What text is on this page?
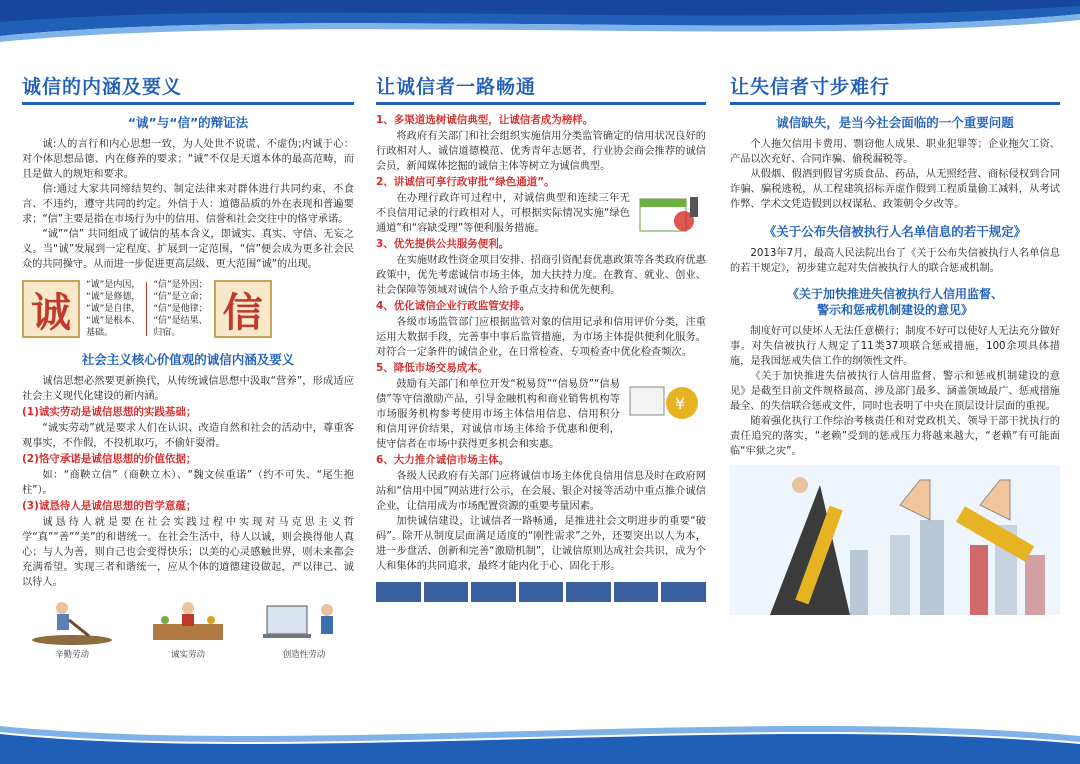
诚信的内涵及要义
“诚”与“信”的辩证法

诚:人的言行和内心思想一致，为人处世不说谎、不虚伪;内诚于心：对个体思想品德、内在修养的要求；“诚”不仅是天道本体的最高范畴，而且是做人的规矩和要求。

信:通过大家共同缔结契约、制定法律来对群体进行共同约束，不食言、不违约，遵守共同的约定。外信于人：道德品质的外在表现和普遍要求；“信”主要是指在市场行为中的信用、信誉和社会交往中的恪守承诺。

“诚”“信” 共同组成了诚信的基本含义，即诚实、真实、守信、无妄之义。当“诚”发展到一定程度、扩展到一定范围，“信”便会成为更多社会民众的共同操守。从而进一步促进更高层级、更大范围“诚”的出现。

诚
“诚”是内因，
“诚”是修德，
“诚”是自律，
“诚”是根本、
基础。
“信”是外因；
“信”是立命；
“信”是他律；
“信”是结果、
归宿。	信
社会主义核心价值观的诚信内涵及要义

诚信思想必然要更新换代，从传统诚信思想中汲取“营养”，形成适应社会主义现代化建设的新内涵。

(1)诚实劳动是诚信思想的实践基础；

“诚实劳动”就是要求人们在认识、改造自然和社会的活动中，尊重客观事实，不作假，不投机取巧，不偷奸耍滑。

(2)恪守承诺是诚信思想的价值依据；

如：“商鞅立信”（商鞅立木）、“魏文侯重诺”（约不可失、“尾生抱柱”）。

(3)诚恳待人是诚信思想的哲学意蕴；

诚恳待人就是要在社会实践过程中实现对马克思主义哲学“真”“善”“美”的和谐统一。在社会生活中，待人以诚，则会换得他人真心；与人为善，则自己也会变得快乐；以美的心灵感触世界，则未来都会充满希望。实现三者和谐统一，应从个体的道德建设做起，严以律己、诚以待人。

辛勤劳动	诚实劳动	创造性劳动
让诚信者一路畅通
1、多渠道选树诚信典型，让诚信者成为榜样。

将政府有关部门和社会组织实施信用分类监管确定的信用状况良好的行政相对人、诚信道德模范、优秀青年志愿者，行业协会商会推荐的诚信会员，新闻媒体挖掘的诚信主体等树立为诚信典型。

2、讲诚信可享行政审批“绿色通道”。

在办理行政许可过程中，对诚信典型和连续三年无不良信用记录的行政相对人，可根据实际情况实施“绿色通道”和“容缺受理”等便利服务措施。

3、优先提供公共服务便利。

在实施财政性资金项目安排、招商引资配套优惠政策等各类政府优惠政策中，优先考虑诚信市场主体，加大扶持力度。在教育、就业、创业、社会保障等领域对诚信个人给予重点支持和优先便利。

4、优化诚信企业行政监管安排。

各级市场监管部门应根据监管对象的信用记录和信用评价分类，注重运用大数据手段，完善事中事后监管措施，为市场主体提供便利化服务。对符合一定条件的诚信企业，在日常检查、专项检查中优化检查频次。

5、降低市场交易成本。
¥

鼓励有关部门和单位开发“税易贷”“信易贷”“信易债”等守信激励产品，引导金融机构和商业销售机构等市场服务机构参考使用市场主体信用信息、信用积分和信用评价结果，对诚信市场主体给予优惠和便利，使守信者在市场中获得更多机会和实惠。

6、大力推介诚信市场主体。

各级人民政府有关部门应将诚信市场主体优良信用信息及时在政府网站和“信用中国”网站进行公示，在会展、银企对接等活动中重点推介诚信企业，让信用成为市场配置资源的重要考量因素。

加快诚信建设，让诚信者一路畅通，是推进社会文明进步的重要“破码”。除开从制度层面满足适度的“刚性需求”之外，还要突出以人为本，进一步盘活、创新和完善“激励机制”，让诚信原则达成社会共识，成为个人和集体的共同追求，最终才能内化于心、固化于形。

让失信者寸步难行
诚信缺失，是当今社会面临的一个重要问题

个人拖欠信用卡费用、剽窃他人成果、职业犯罪等；企业拖欠工资、产品以次充好、合同诈骗、偷税漏税等。

从假烟、假酒到假冒劣质食品、药品，从无照经营、商标侵权到合同诈骗、骗税逃税，从工程建筑招标弄虚作假到工程质量偷工减料，从考试作弊、学术文凭造假到以权谋私、政策朝令夕改等。

《关于公布失信被执行人名单信息的若干规定》

2013年7月，最高人民法院出台了《关于公布失信被执行人名单信息的若干规定》，初步建立起对失信被执行人的联合惩戒机制。

《关于加快推进失信被执行人信用监督、
警示和惩戒机制建设的意见》

制度好可以使坏人无法任意横行；制度不好可以使好人无法充分做好事。对失信被执行人规定了11类37项联合惩戒措施，100余项具体措施，是我国惩戒失信工作的纲领性文件。

《关于加快推进失信被执行人信用监督、警示和惩戒机制建设的意见》是截至目前文件规格最高、涉及部门最多、涵盖领域最广、惩戒措施最全、的失信联合惩戒文件，同时也表明了中央在顶层设计层面的重视。

随着强化执行工作综治考核责任和对党政机关、领导干部干扰执行的责任追究的落实，“老赖”受到的惩戒压力将越来越大，“老赖”有可能面临“牢狱之灾”。
